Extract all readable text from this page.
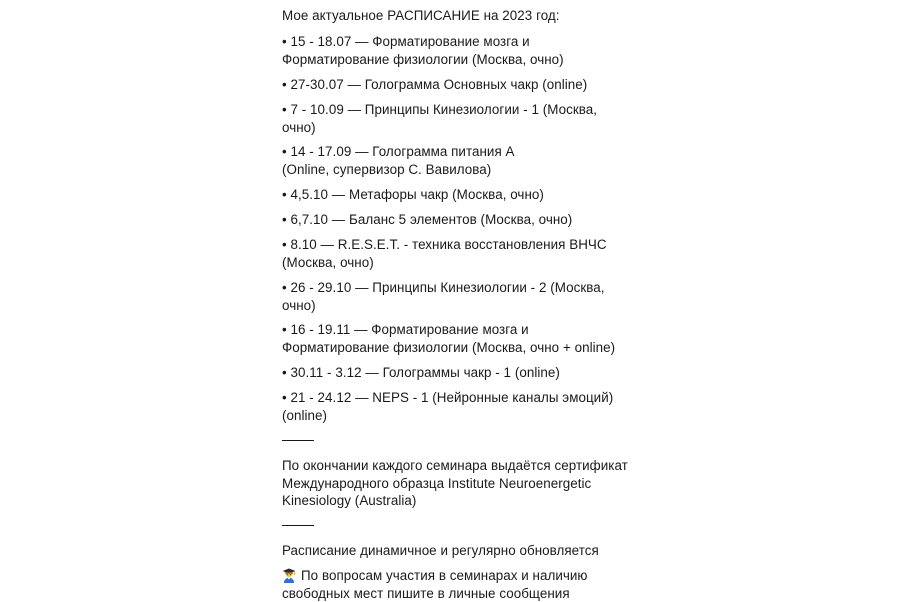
Мое актуальное РАСПИСАНИЕ на 2023 год:
• 15 - 18.07 — Форматирование мозга и
Форматирование физиологии (Москва, очно)
• 27-30.07 — Голограмма Основных чакр (online)
• 7 - 10.09 — Принципы Кинезиологии - 1 (Москва,
очно)
• 14 - 17.09 — Голограмма питания А
(Online, супервизор С. Вавилова)
• 4,5.10 — Метафоры чакр (Москва, очно)
• 6,7.10 — Баланс 5 элементов (Москва, очно)
• 8.10 — R.E.S.E.T. - техника восстановления ВНЧС
(Москва, очно)
• 26 - 29.10 — Принципы Кинезиологии - 2 (Москва,
очно)
• 16 - 19.11 — Форматирование мозга и
Форматирование физиологии (Москва, очно + online)
• 30.11 - 3.12 — Голограммы чакр - 1 (online)
• 21 - 24.12 — NEPS - 1 (Нейронные каналы эмоций)
(online)
По окончании каждого семинара выдаётся сертификат
Международного образца Institute Neuroenergetic
Kinesiology (Australia)
Расписание динамичное и регулярно обновляется
По вопросам участия в семинарах и наличию
свободных мест пишите в личные сообщения
